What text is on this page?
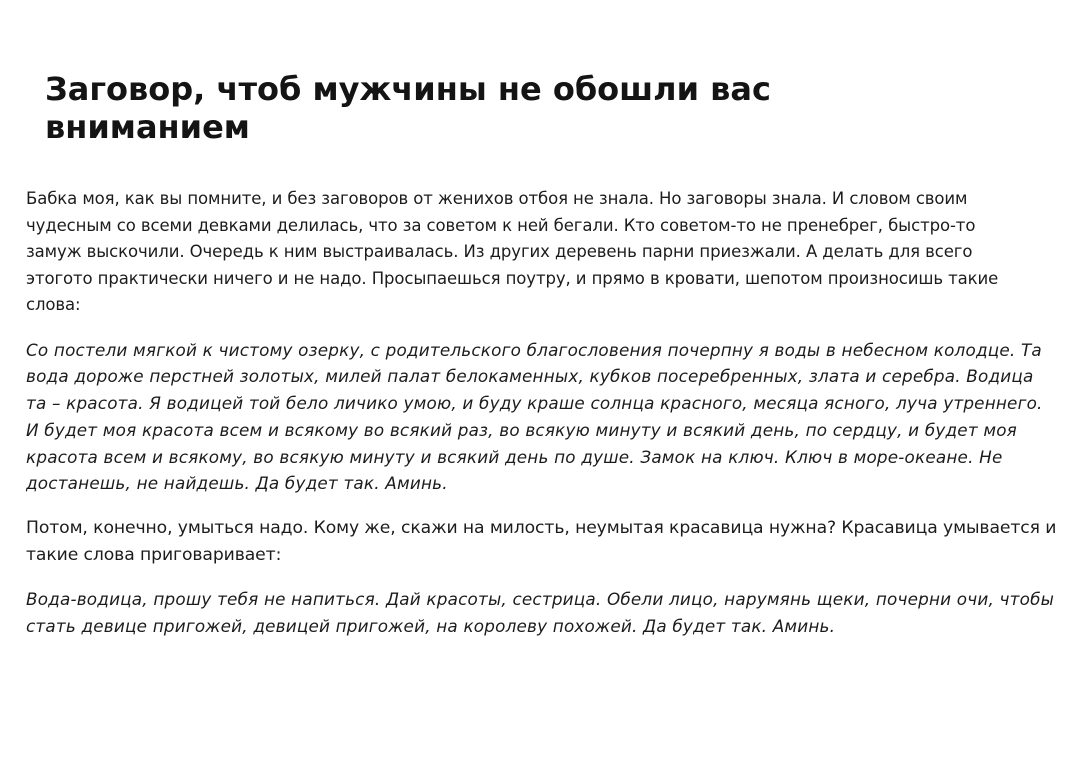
Заговор, чтоб мужчины не обошли вас вниманием

Бабка моя, как вы помните, и без заговоров от женихов отбоя не знала. Но заговоры знала. И словом своим чудесным со всеми девками делилась, что за советом к ней бегали. Кто советом-то не пренебрег, быстро-то замуж выскочили. Очередь к ним выстраивалась. Из других деревень парни приезжали. А делать для всего этогото практически ничего и не надо. Просыпаешься поутру, и прямо в кровати, шепотом произносишь такие слова:

Со постели мягкой к чистому озерку, с родительского благословения почерпну я воды в небесном колодце. Та вода дороже перстней золотых, милей палат белокаменных, кубков посеребренных, злата и серебра. Водица та – красота. Я водицей той бело личико умою, и буду краше солнца красного, месяца ясного, луча утреннего. И будет моя красота всем и всякому во всякий раз, во всякую минуту и всякий день, по сердцу, и будет моя красота всем и всякому, во всякую минуту и всякий день по душе. Замок на ключ. Ключ в море-океане. Не достанешь, не найдешь. Да будет так. Аминь.

Потом, конечно, умыться надо. Кому же, скажи на милость, неумытая красавица нужна? Красавица умывается и такие слова приговаривает:

Вода-водица, прошу тебя не напиться. Дай красоты, сестрица. Обели лицо, нарумянь щеки, почерни очи, чтобы стать девице пригожей, девицей пригожей, на королеву похожей. Да будет так. Аминь.
